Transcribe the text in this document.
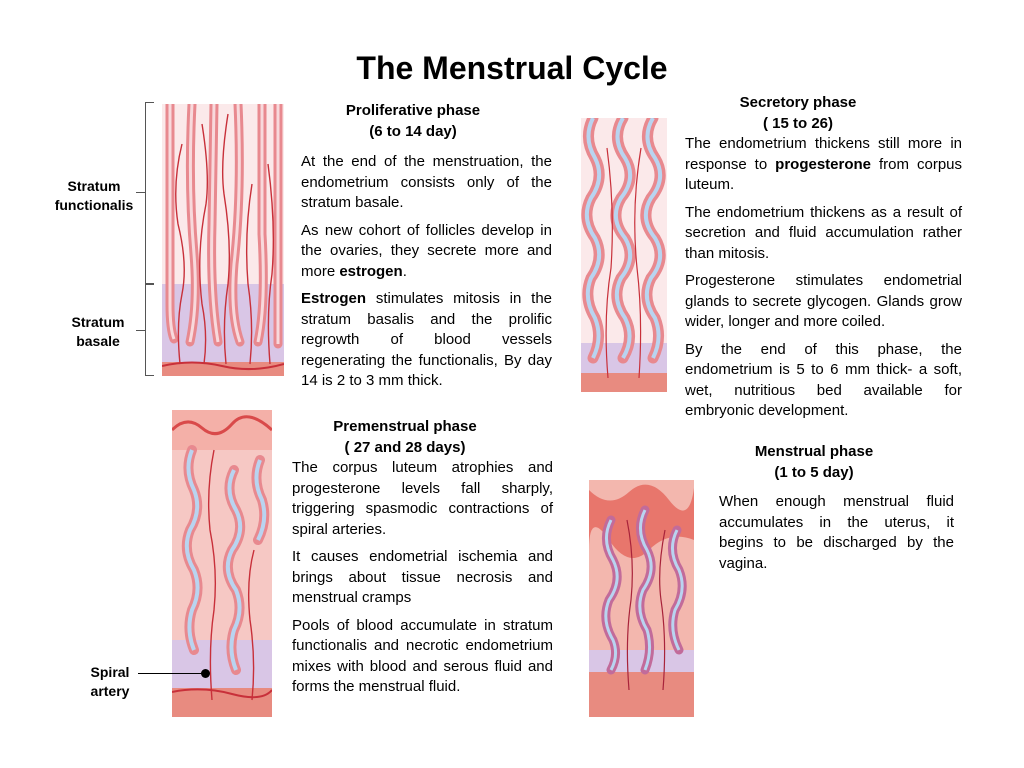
The Menstrual Cycle
Stratum
functionalis
Stratum
basale
Proliferative phase
(6 to 14 day)

At the end of the menstruation, the endometrium consists only of the stratum basale.

As new cohort of follicles develop in the ovaries, they secrete more and more estrogen.

Estrogen stimulates mitosis in the stratum basalis and the prolific regrowth of blood vessels regenerating the functionalis, By day 14 is 2 to 3 mm thick.

Secretory phase
( 15 to 26)

The endometrium thickens still more in response to progesterone from corpus luteum.

The endometrium thickens as a result of secretion and fluid accumulation rather than mitosis.

Progesterone stimulates endometrial glands to secrete glycogen. Glands grow wider, longer and more coiled.

By the end of this phase, the endometrium is 5 to 6 mm thick- a soft, wet, nutritious bed available for embryonic development.

Spiral
artery
Premenstrual phase
( 27 and 28 days)

The corpus luteum atrophies and progesterone levels fall sharply, triggering spasmodic contractions of spiral arteries.

It causes endometrial ischemia and brings about tissue necrosis and menstrual cramps

Pools of blood accumulate in stratum functionalis and necrotic endometrium mixes with blood and serous fluid and forms the menstrual fluid.

Menstrual phase
(1 to 5 day)

When enough menstrual fluid accumulates in the uterus, it begins to be discharged by the vagina.
